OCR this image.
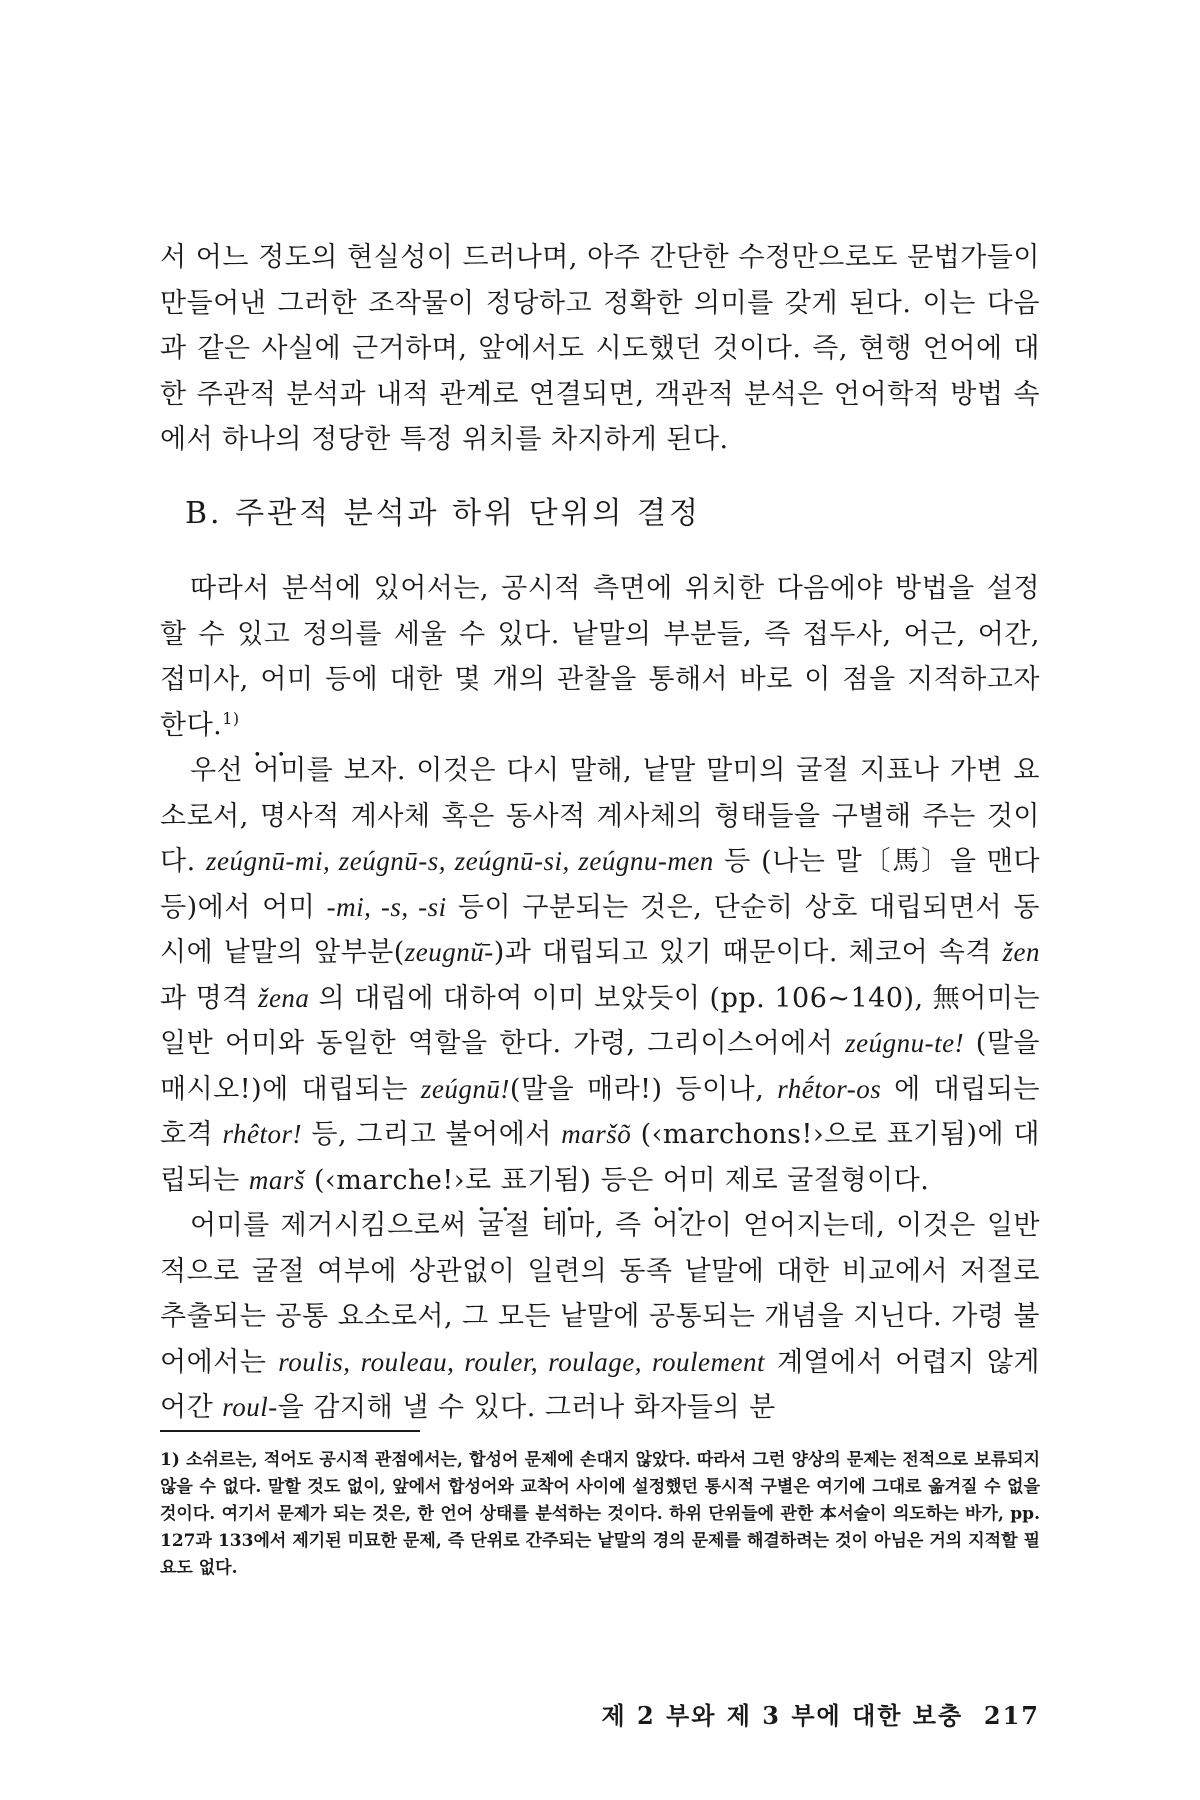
서 어느 정도의 현실성이 드러나며, 아주 간단한 수정만으로도 문법가들이 만들어낸 그러한 조작물이 정당하고 정확한 의미를 갖게 된다. 이는 다음과 같은 사실에 근거하며, 앞에서도 시도했던 것이다. 즉, 현행 언어에 대한 주관적 분석과 내적 관계로 연결되면, 객관적 분석은 언어학적 방법 속에서 하나의 정당한 특정 위치를 차지하게 된다.

B. 주관적 분석과 하위 단위의 결정

따라서 분석에 있어서는, 공시적 측면에 위치한 다음에야 방법을 설정할 수 있고 정의를 세울 수 있다. 낱말의 부분들, 즉 접두사, 어근, 어간, 접미사, 어미 등에 대한 몇 개의 관찰을 통해서 바로 이 점을 지적하고자 한다.$^{1)}$

우선 • • 어미를 보자. 이것은 다시 말해, 낱말 말미의 굴절 지표나 가변 요소로서, 명사적 계사체 혹은 동사적 계사체의 형태들을 구별해 주는 것이다. zeúgnū-mi, zeúgnū-s, zeúgnū-si, zeúgnu-men 등 (나는 말〔馬〕을 맨다 등)에서 어미 -mi, -s, -si 등이 구분되는 것은, 단순히 상호 대립되면서 동시에 낱말의 앞부분(zeugnŭ̄-)과 대립되고 있기 때문이다. 체코어 속격 žen 과 명격 žena 의 대립에 대하여 이미 보았듯이 (pp. 106~140), 無어미는 일반 어미와 동일한 역할을 한다. 가령, 그리이스어에서 zeúgnu-te! (말을 매시오!)에 대립되는 zeúgnū!(말을 매라!) 등이나, rhḗtor-os 에 대립되는 호격 rhêtor! 등, 그리고 불어에서 maršõ (‹marchons!›으로 표기됨)에 대립되는 marš (‹marche!›로 표기됨) 등은 어미 제로 굴절형이다.

어미를 제거시킴으로써 • • 굴절 • • 테마, 즉 • • 어간이 얻어지는데, 이것은 일반적으로 굴절 여부에 상관없이 일련의 동족 낱말에 대한 비교에서 저절로 추출되는 공통 요소로서, 그 모든 낱말에 공통되는 개념을 지닌다. 가령 불어에서는 roulis, rouleau, rouler, roulage, roulement 계열에서 어렵지 않게 어간 roul-을 감지해 낼 수 있다. 그러나 화자들의 분

1) 소쉬르는, 적어도 공시적 관점에서는, 합성어 문제에 손대지 않았다. 따라서 그런 양상의 문제는 전적으로 보류되지 않을 수 없다. 말할 것도 없이, 앞에서 합성어와 교착어 사이에 설정했던 통시적 구별은 여기에 그대로 옮겨질 수 없을 것이다. 여기서 문제가 되는 것은, 한 언어 상태를 분석하는 것이다. 하위 단위들에 관한 本서술이 의도하는 바가, pp. 127과 133에서 제기된 미묘한 문제, 즉 단위로 간주되는 낱말의 경의 문제를 해결하려는 것이 아님은 거의 지적할 필요도 없다.

제 2 부와 제 3 부에 대한 보충 217
